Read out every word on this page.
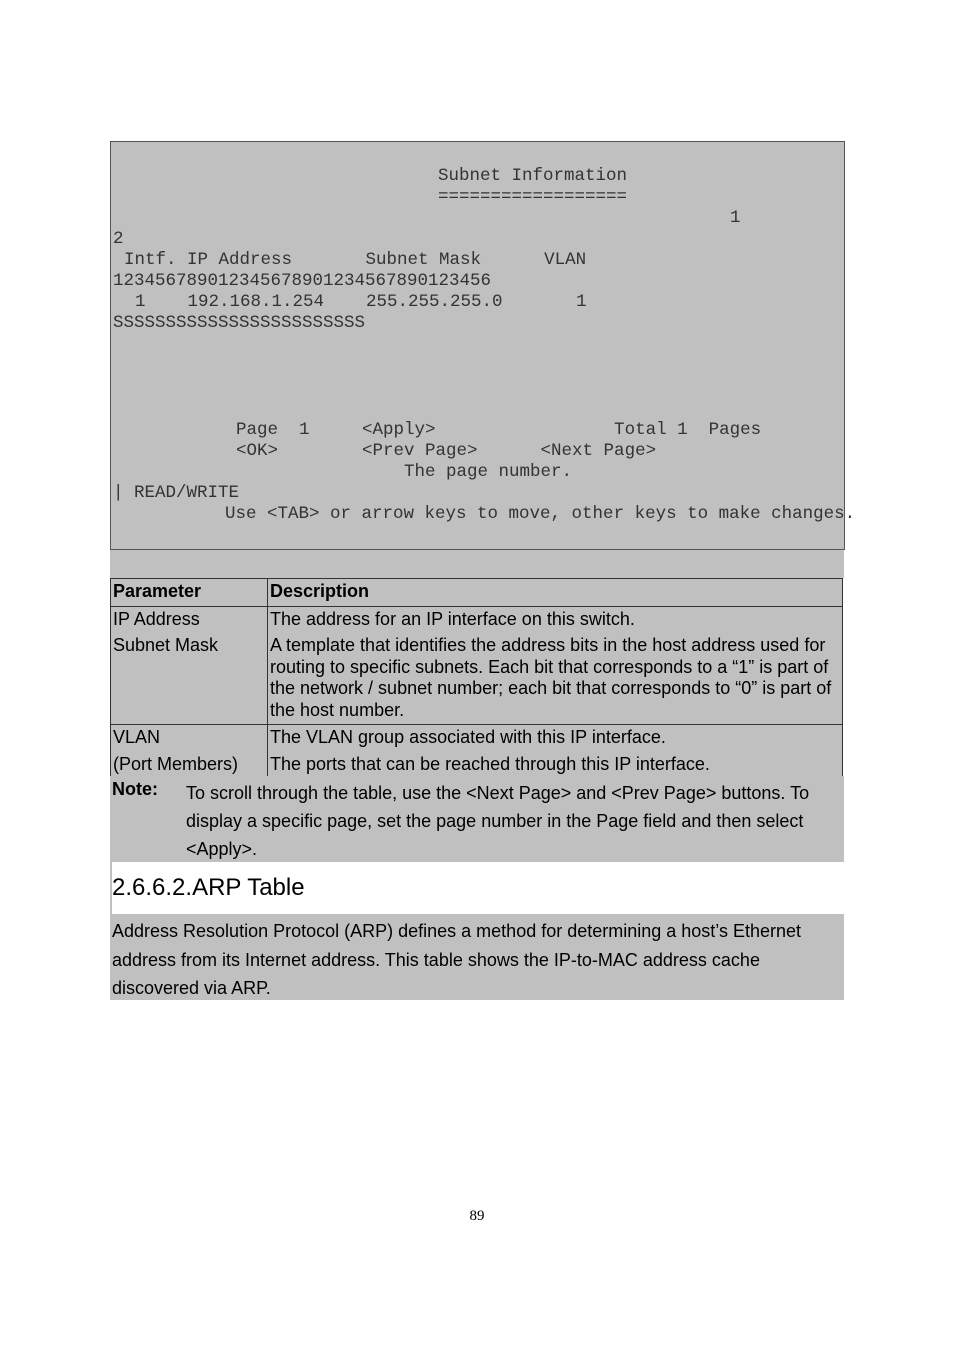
Subnet Information
==================
1
2
Intf. IP Address       Subnet Mask      VLAN
123456789012345678901234567890123456
1    192.168.1.254    255.255.255.0       1
SSSSSSSSSSSSSSSSSSSSSSSS
Page  1     <Apply>                 Total 1  Pages
<OK>        <Prev Page>      <Next Page>
The page number.
| READ/WRITE
Use <TAB> or arrow keys to move, other keys to make changes.
Parameter	Description
IP Address	The address for an IP interface on this switch.
Subnet Mask	A template that identifies the address bits in the host address used for routing to specific subnets. Each bit that corresponds to a “1” is part of the network / subnet number; each bit that corresponds to “0” is part of the host number.
VLAN	The VLAN group associated with this IP interface.
(Port Members)	The ports that can be reached through this IP interface.
Note: To scroll through the table, use the <Next Page> and <Prev Page> buttons. To display a specific page, set the page number in the Page field and then select <Apply>.

2.6.6.2.ARP Table

Address Resolution Protocol (ARP) defines a method for determining a host’s Ethernet address from its Internet address. This table shows the IP-to-MAC address cache discovered via ARP.

89
